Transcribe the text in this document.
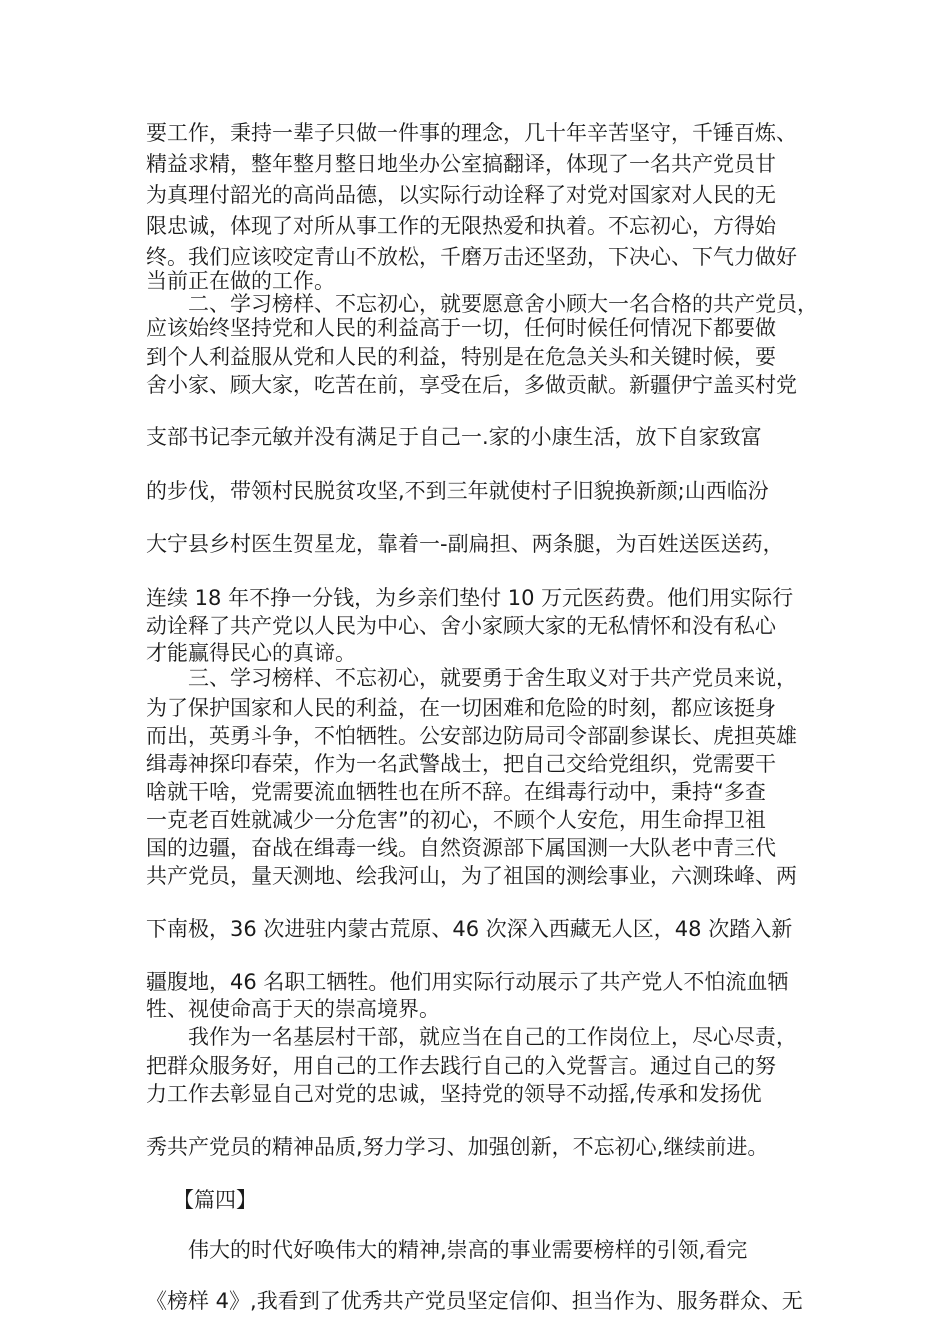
要工作，秉持一辈子只做一件事的理念，几十年辛苦坚守，千锤百炼、
精益求精，整年整月整日地坐办公室搞翻译，体现了一名共产党员甘
为真理付韶光的高尚品德，以实际行动诠释了对党对国家对人民的无
限忠诚，体现了对所从事工作的无限热爱和执着。不忘初心，方得始
终。我们应该咬定青山不放松，千磨万击还坚劲，下决心、下气力做好
当前正在做的工作。
二、学习榜样、不忘初心，就要愿意舍小顾大一名合格的共产党员，
应该始终坚持党和人民的利益高于一切，任何时候任何情况下都要做
到个人利益服从党和人民的利益，特别是在危急关头和关键时候，要
舍小家、顾大家，吃苦在前，享受在后，多做贡献。新疆伊宁盖买村党
支部书记李元敏并没有满足于自己一.家的小康生活，放下自家致富
的步伐，带领村民脱贫攻坚,不到三年就使村子旧貌换新颜;山西临汾
大宁县乡村医生贺星龙，靠着一-副扁担、两条腿，为百姓送医送药，
连续 18 年不挣一分钱，为乡亲们垫付 10 万元医药费。他们用实际行
动诠释了共产党以人民为中心、舍小家顾大家的无私情怀和没有私心
才能赢得民心的真谛。
三、学习榜样、不忘初心，就要勇于舍生取义对于共产党员来说，
为了保护国家和人民的利益，在一切困难和危险的时刻，都应该挺身
而出，英勇斗争，不怕牺牲。公安部边防局司令部副参谋长、虎担英雄
缉毒神探印春荣，作为一名武警战士，把自己交给党组织，党需要干
啥就干啥，党需要流血牺牲也在所不辞。在缉毒行动中，秉持“多查
一克老百姓就减少一分危害”的初心，不顾个人安危，用生命捍卫祖
国的边疆，奋战在缉毒一线。自然资源部下属国测一大队老中青三代
共产党员，量天测地、绘我河山，为了祖国的测绘事业，六测珠峰、两
下南极，36 次进驻内蒙古荒原、46 次深入西藏无人区，48 次踏入新
疆腹地，46 名职工牺牲。他们用实际行动展示了共产党人不怕流血牺
牲、视使命高于天的崇高境界。
我作为一名基层村干部，就应当在自己的工作岗位上，尽心尽责，
把群众服务好，用自己的工作去践行自己的入党誓言。通过自己的努
力工作去彰显自己对党的忠诚，坚持党的领导不动摇,传承和发扬优
秀共产党员的精神品质,努力学习、加强创新，不忘初心,继续前进。
【篇四】
伟大的时代好唤伟大的精神,崇高的事业需要榜样的引领,看完
《榜样 4》,我看到了优秀共产党员坚定信仰、担当作为、服务群众、无
